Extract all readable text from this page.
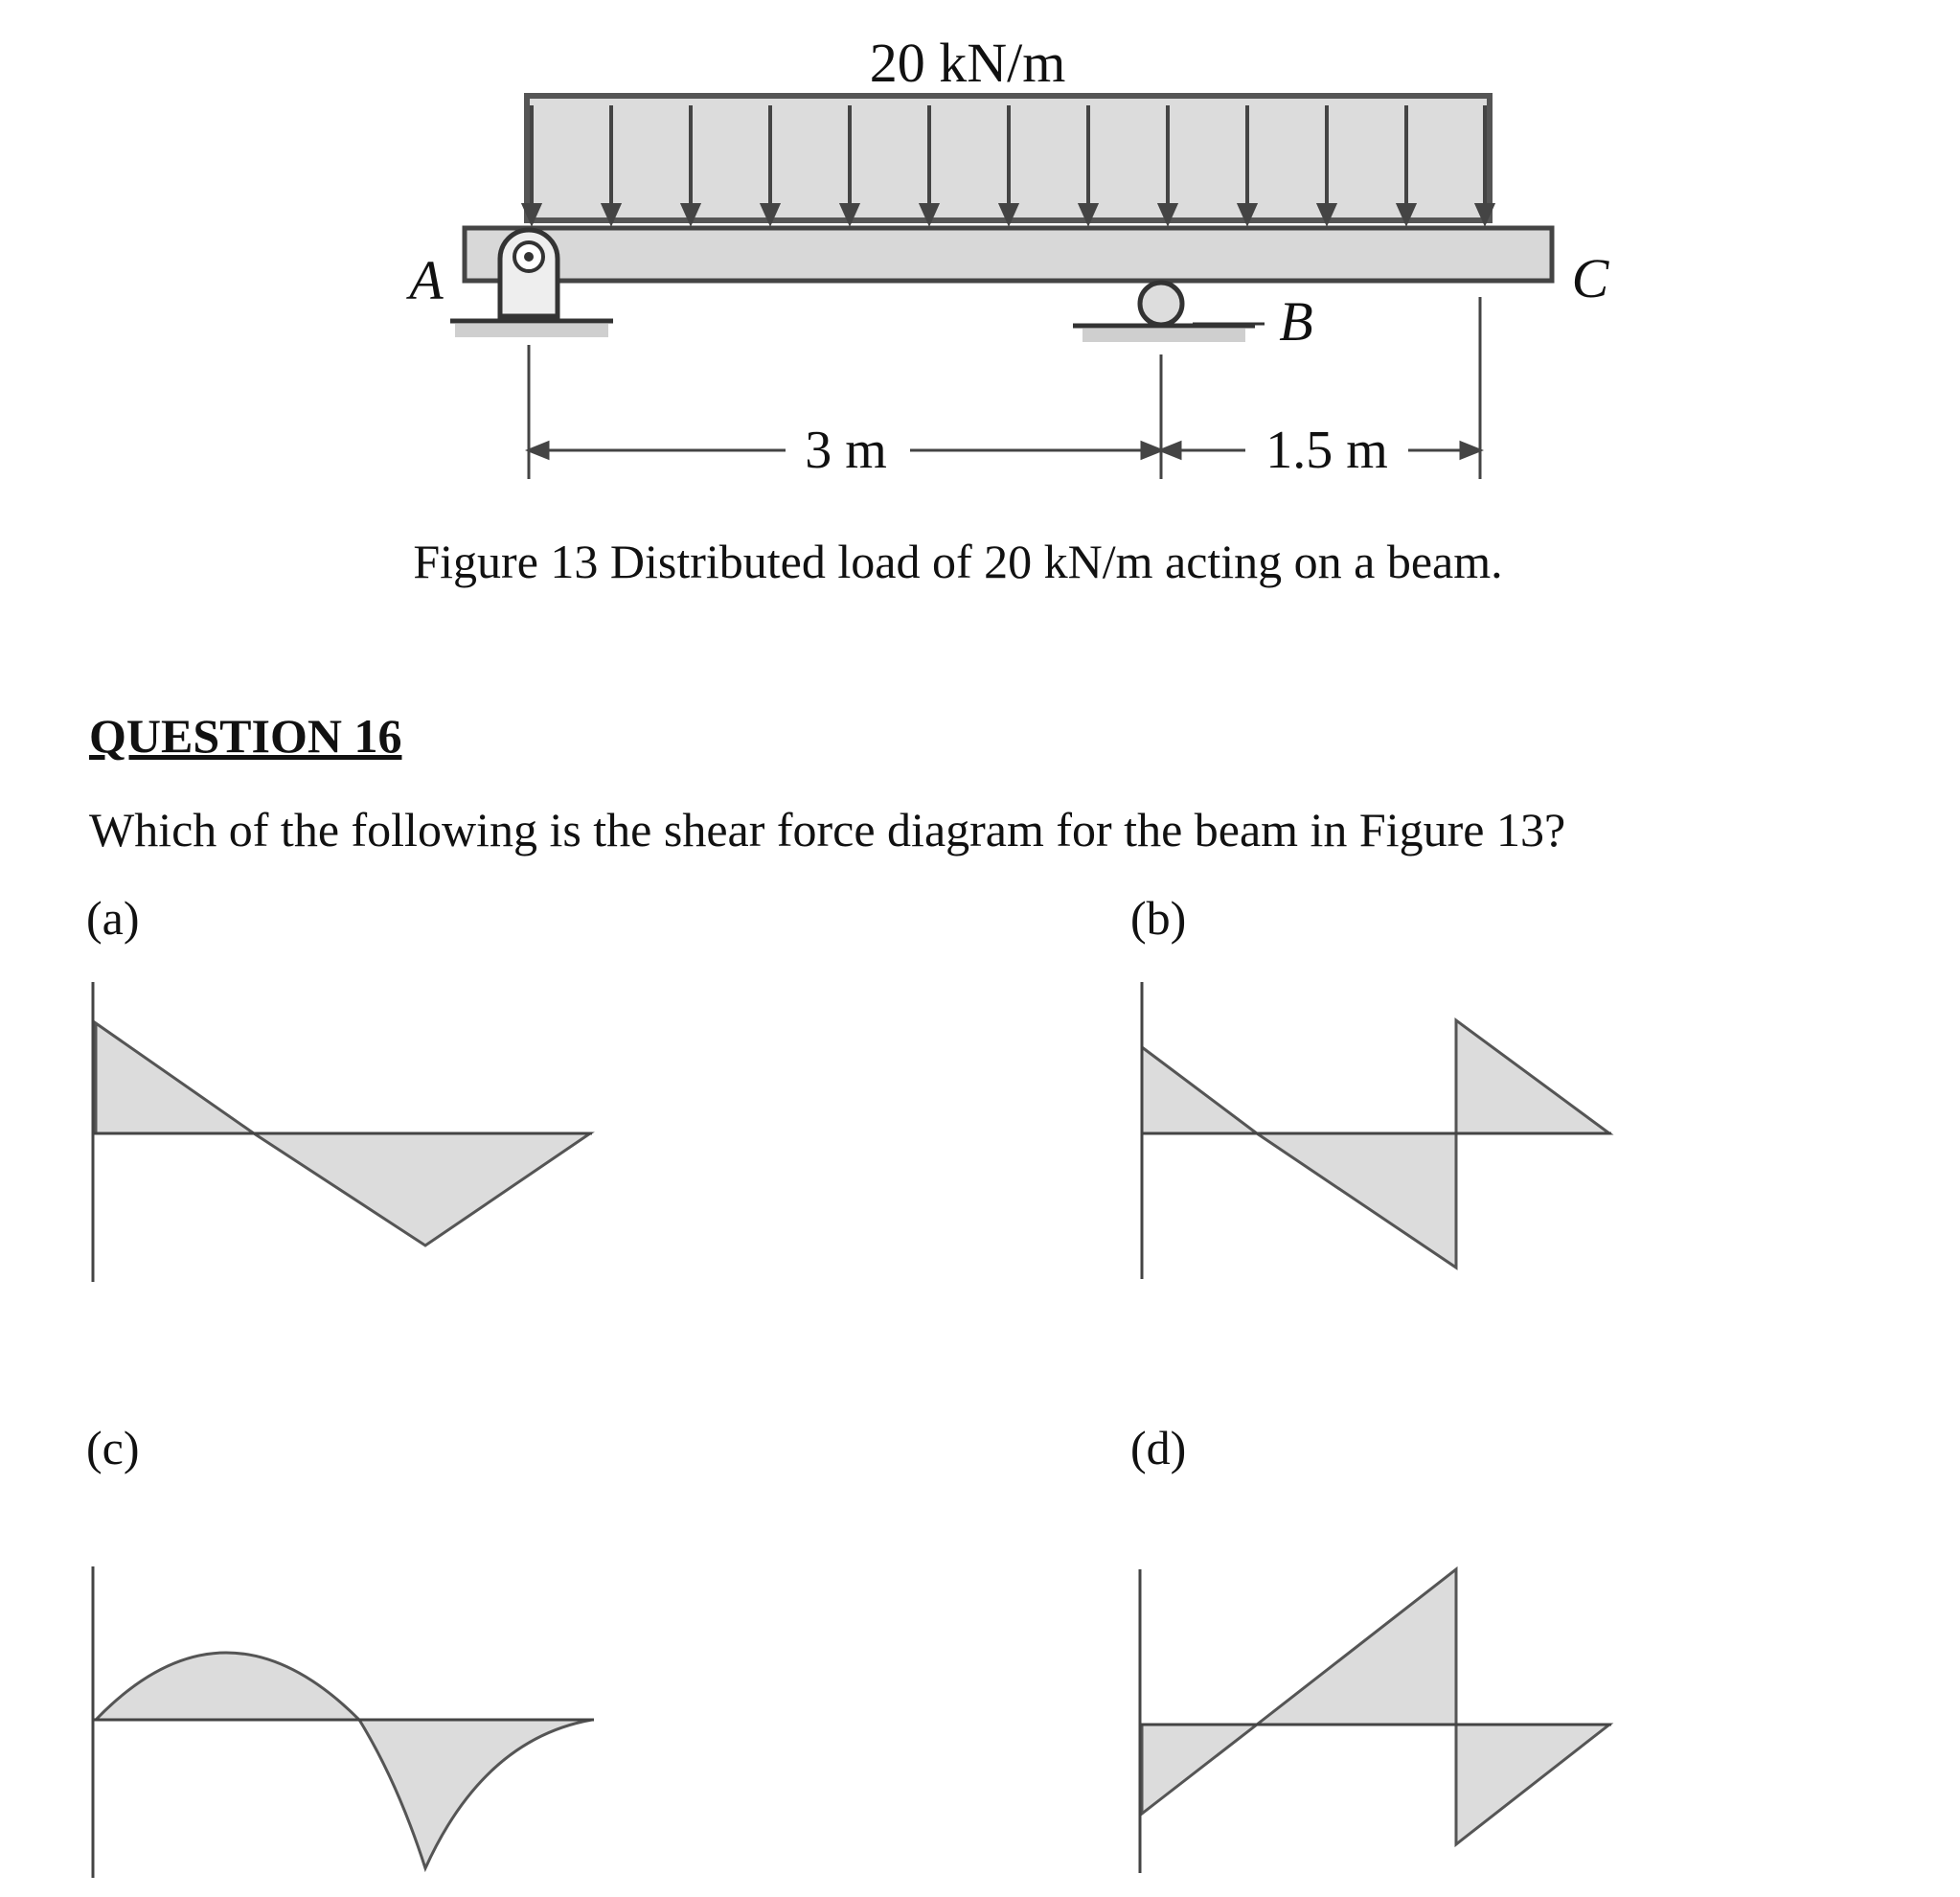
20 kN/m
A
B
C
3 m	1.5 m
Figure 13 Distributed load of 20 kN/m acting on a beam.
QUESTION 16
Which of the following is the shear force diagram for the beam in Figure 13?
(a)	(b)
(c)	(d)
